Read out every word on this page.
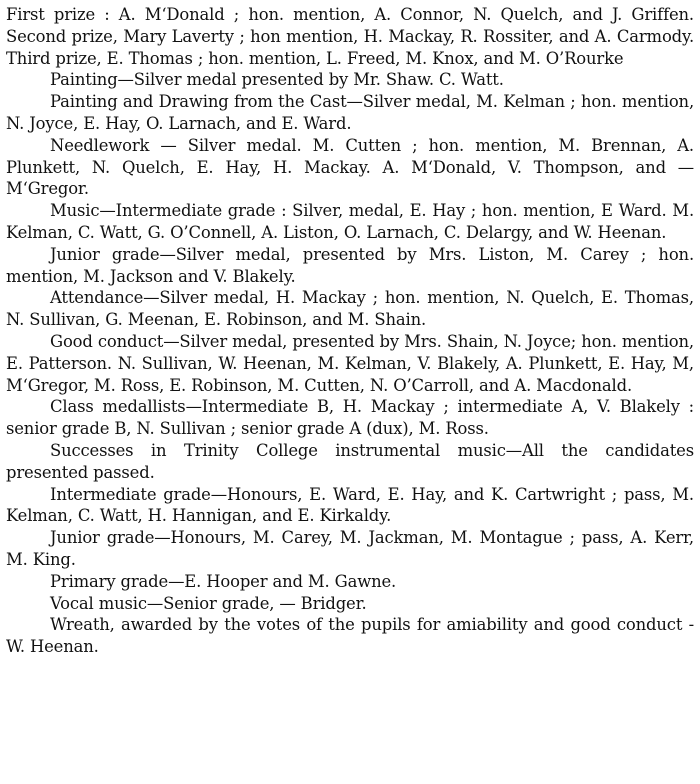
First prize : A. M‘Donald ; hon. mention, A. Connor, N. Quelch, and J. Griffen. Second prize, Mary Laverty ; hon mention, H. Mackay, R. Rossiter, and A. Carmody. Third prize, E. Thomas ; hon. mention, L. Freed, M. Knox, and M. O’Rourke

Painting—Silver medal presented by Mr. Shaw. C. Watt.

Painting and Drawing from the Cast—Silver medal, M. Kelman ; hon. mention, N. Joyce, E. Hay, O. Larnach, and E. Ward.

Needlework — Silver medal. M. Cutten ; hon. mention, M. Brennan, A. Plunkett, N. Quelch, E. Hay, H. Mackay. A. M‘Donald, V. Thompson, and — M‘Gregor.

Music—Intermediate grade : Silver, medal, E. Hay ; hon. mention, E Ward. M. Kelman, C. Watt, G. O’Connell, A. Liston, O. Larnach, C. Delargy, and W. Heenan.

Junior grade—Silver medal, presented by Mrs. Liston, M. Carey ; hon. mention, M. Jackson and V. Blakely.

Attendance—Silver medal, H. Mackay ; hon. mention, N. Quelch, E. Thomas, N. Sullivan, G. Meenan, E. Robinson, and M. Shain.

Good conduct—Silver medal, presented by Mrs. Shain, N. Joyce; hon. mention, E. Patterson. N. Sullivan, W. Heenan, M. Kelman, V. Blakely, A. Plunkett, E. Hay, M, M‘Gregor, M. Ross, E. Robinson, M. Cutten, N. O’Carroll, and A. Macdonald.

Class medallists—Intermediate B, H. Mackay ; intermediate A, V. Blakely : senior grade B, N. Sullivan ; senior grade A (dux), M. Ross.

Successes in Trinity College instrumental music—All the candidates presented passed.

Intermediate grade—Honours, E. Ward, E. Hay, and K. Cartwright ; pass, M. Kelman, C. Watt, H. Hannigan, and E. Kirkaldy.

Junior grade—Honours, M. Carey, M. Jackman, M. Montague ; pass, A. Kerr, M. King.

Primary grade—E. Hooper and M. Gawne.

Vocal music—Senior grade, — Bridger.

Wreath, awarded by the votes of the pupils for amiability and good conduct - W. Heenan.
